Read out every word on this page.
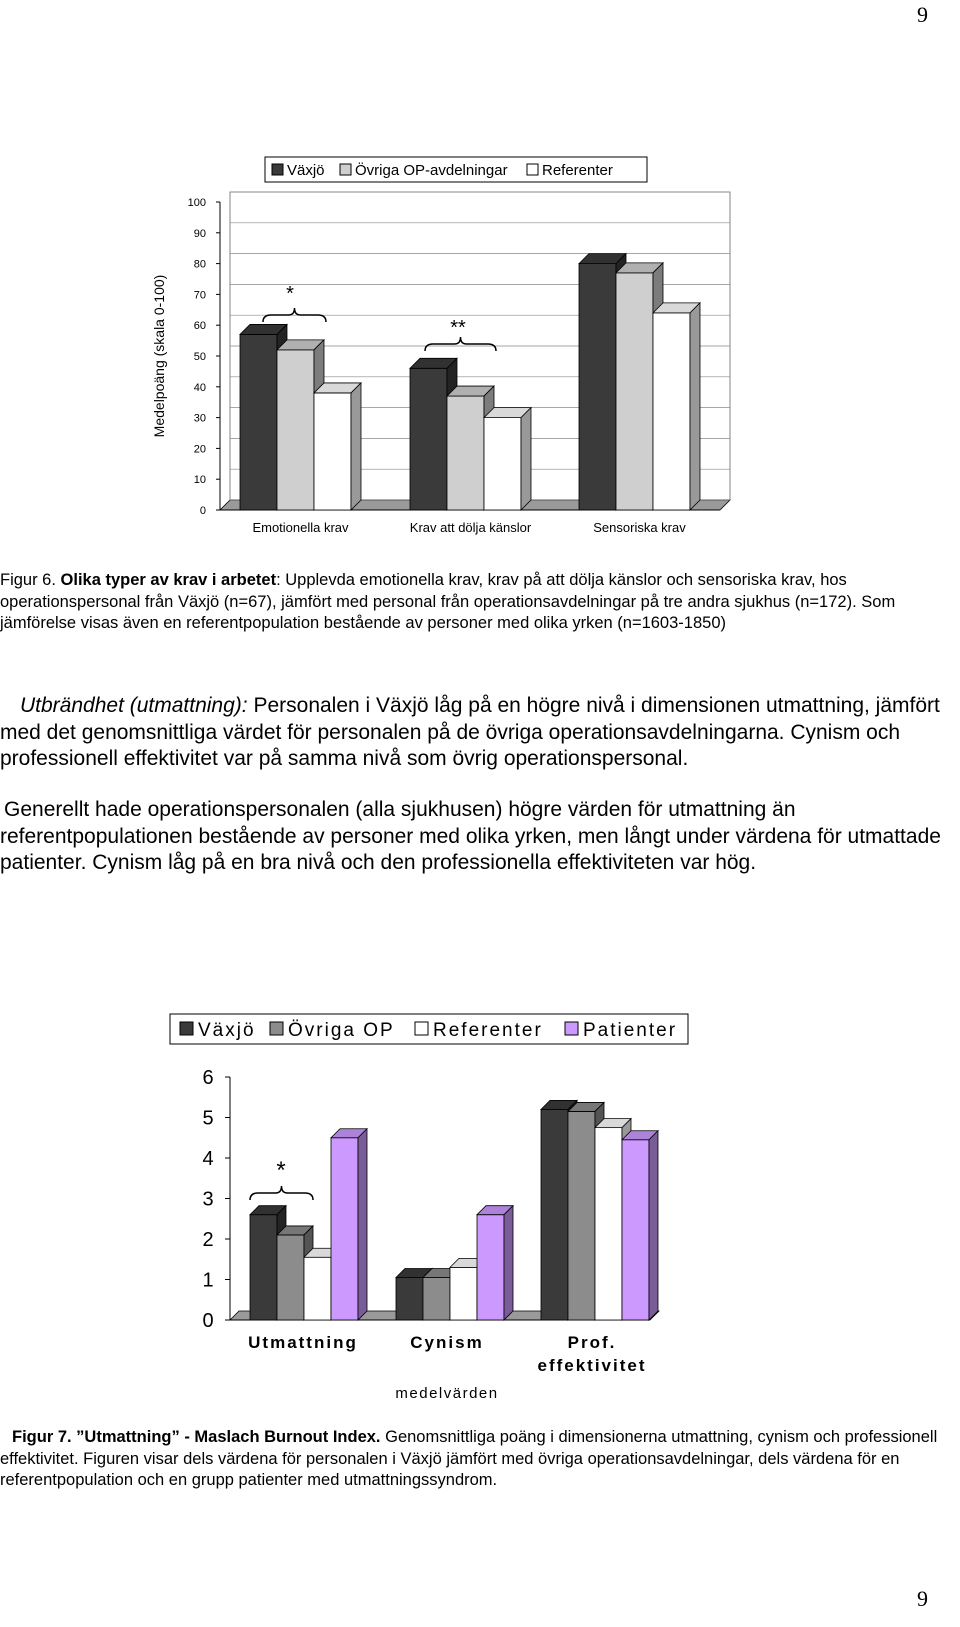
9
0
10
20
30
40
50
60
70
80
90
100
Medelpoäng (skala 0-100)
Emotionella krav	Krav att dölja känslor	Sensoriska krav
*
**
Växjö Övriga OP-avdelningar Referenter
Figur 6. Olika typer av krav i arbetet: Upplevda emotionella krav, krav på att dölja känslor och sensoriska krav, hos operationspersonal från Växjö (n=67), jämfört med personal från operationsavdelningar på tre andra sjukhus (n=172). Som jämförelse visas även en referentpopulation bestående av personer med olika yrken (n=1603-1850)
Utbrändhet (utmattning): Personalen i Växjö låg på en högre nivå i dimensionen utmattning, jämfört med det genomsnittliga värdet för personalen på de övriga operationsavdelningarna. Cynism och professionell effektivitet var på samma nivå som övrig operationspersonal.
Generellt hade operationspersonalen (alla sjukhusen) högre värden för utmattning än referentpopulationen bestående av personer med olika yrken, men långt under värdena för utmattade patienter. Cynism låg på en bra nivå och den professionella effektiviteten var hög.
0
1
2
3
4
5
6
Utmattning	Cynism	Prof.
effektivitet
medelvärden
*
Växjö Övriga OP Referenter Patienter
Figur 7. ”Utmattning” - Maslach Burnout Index. Genomsnittliga poäng i dimensionerna utmattning, cynism och professionell effektivitet. Figuren visar dels värdena för personalen i Växjö jämfört med övriga operationsavdelningar, dels värdena för en referentpopulation och en grupp patienter med utmattningssyndrom.
9
